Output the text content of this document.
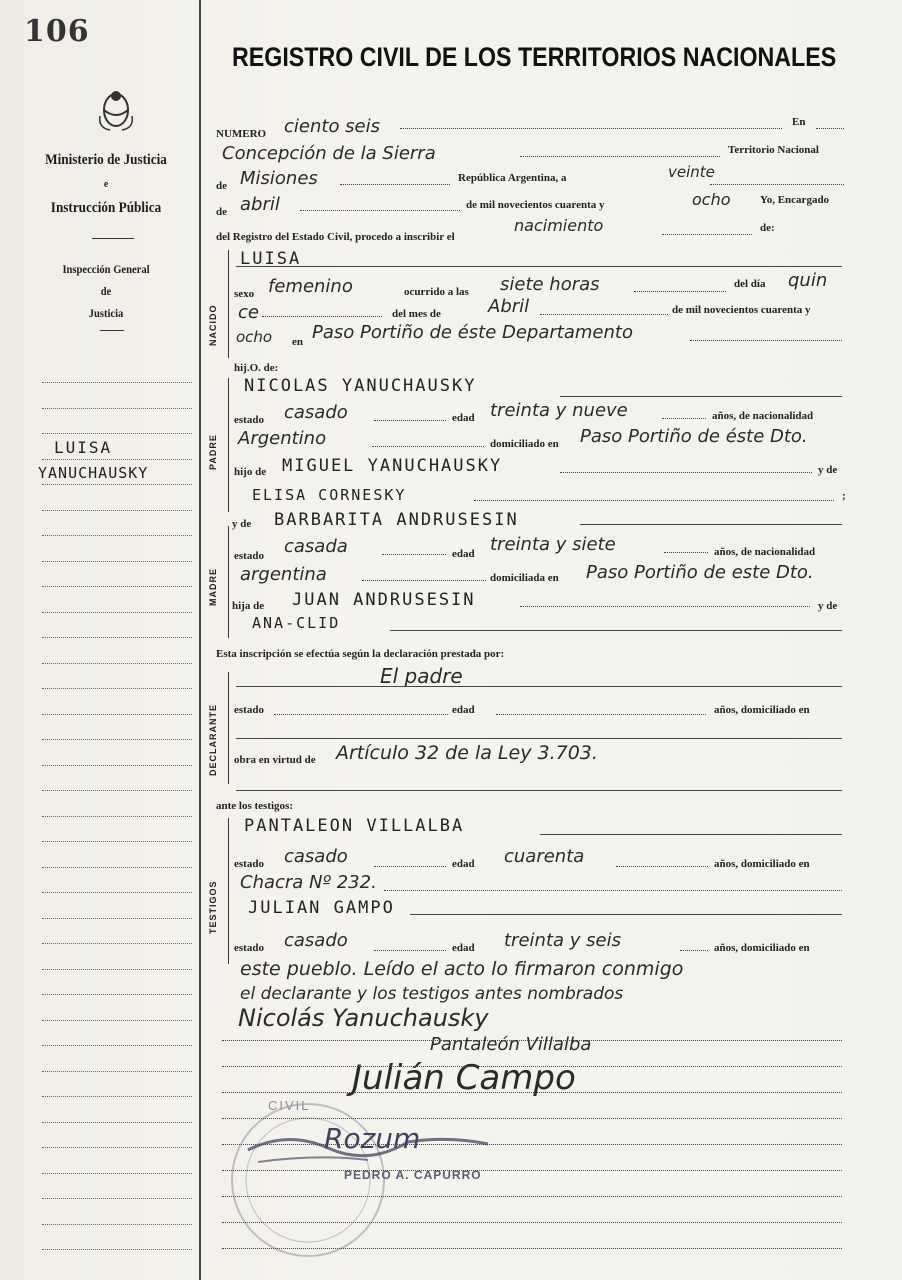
106
Ministerio de Justicia
e
Instrucción Pública
Inspección General
de
Justicia
LUISA
YANUCHAUSKY
REGISTRO CIVIL DE LOS TERRITORIOS NACIONALES
NUMERO ciento seis	En
Concepción de la Sierra	Territorio Nacional
de Misiones	República Argentina, a	veinte
de abril	de mil novecientos cuarenta y	ocho	Yo, Encargado
del Registro del Estado Civil, procedo a inscribir el
nacimiento	de:
NACIDO
LUISA
sexo femenino	ocurrido a las siete horas	del día quin
ce	del mes de	Abril	de mil novecientos cuarenta y
ocho en Paso Portiño de éste Departamento
hij.O. de:
PADRE
NICOLAS YANUCHAUSKY
estado casado	edad treinta y nueve	años, de nacionalidad
Argentino	domiciliado en Paso Portiño de éste Dto.
hijo de MIGUEL YANUCHAUSKY	y de
ELISA CORNESKY	;
MADRE
y de BARBARITA ANDRUSESIN
estado casada	edad treinta y siete	años, de nacionalidad
argentina	domiciliada en Paso Portiño de este Dto.
hija de JUAN ANDRUSESIN	y de
ANA-CLID
Esta inscripción se efectúa según la declaración prestada por:
DECLARANTE
El padre
estado	edad	años, domiciliado en
obra en virtud de Artículo 32 de la Ley 3.703.
ante los testigos:
TESTIGOS
PANTALEON VILLALBA
estado casado	edad cuarenta	años, domiciliado en
Chacra Nº 232.
JULIAN GAMPO
estado casado	edad treinta y seis	años, domiciliado en
este pueblo. Leído el acto lo firmaron conmigo
el declarante y los testigos antes nombrados
Nicolás Yanuchausky
Pantaleón Villalba
Julián Campo
CIVIL
Rozum
PEDRO A. CAPURRO
